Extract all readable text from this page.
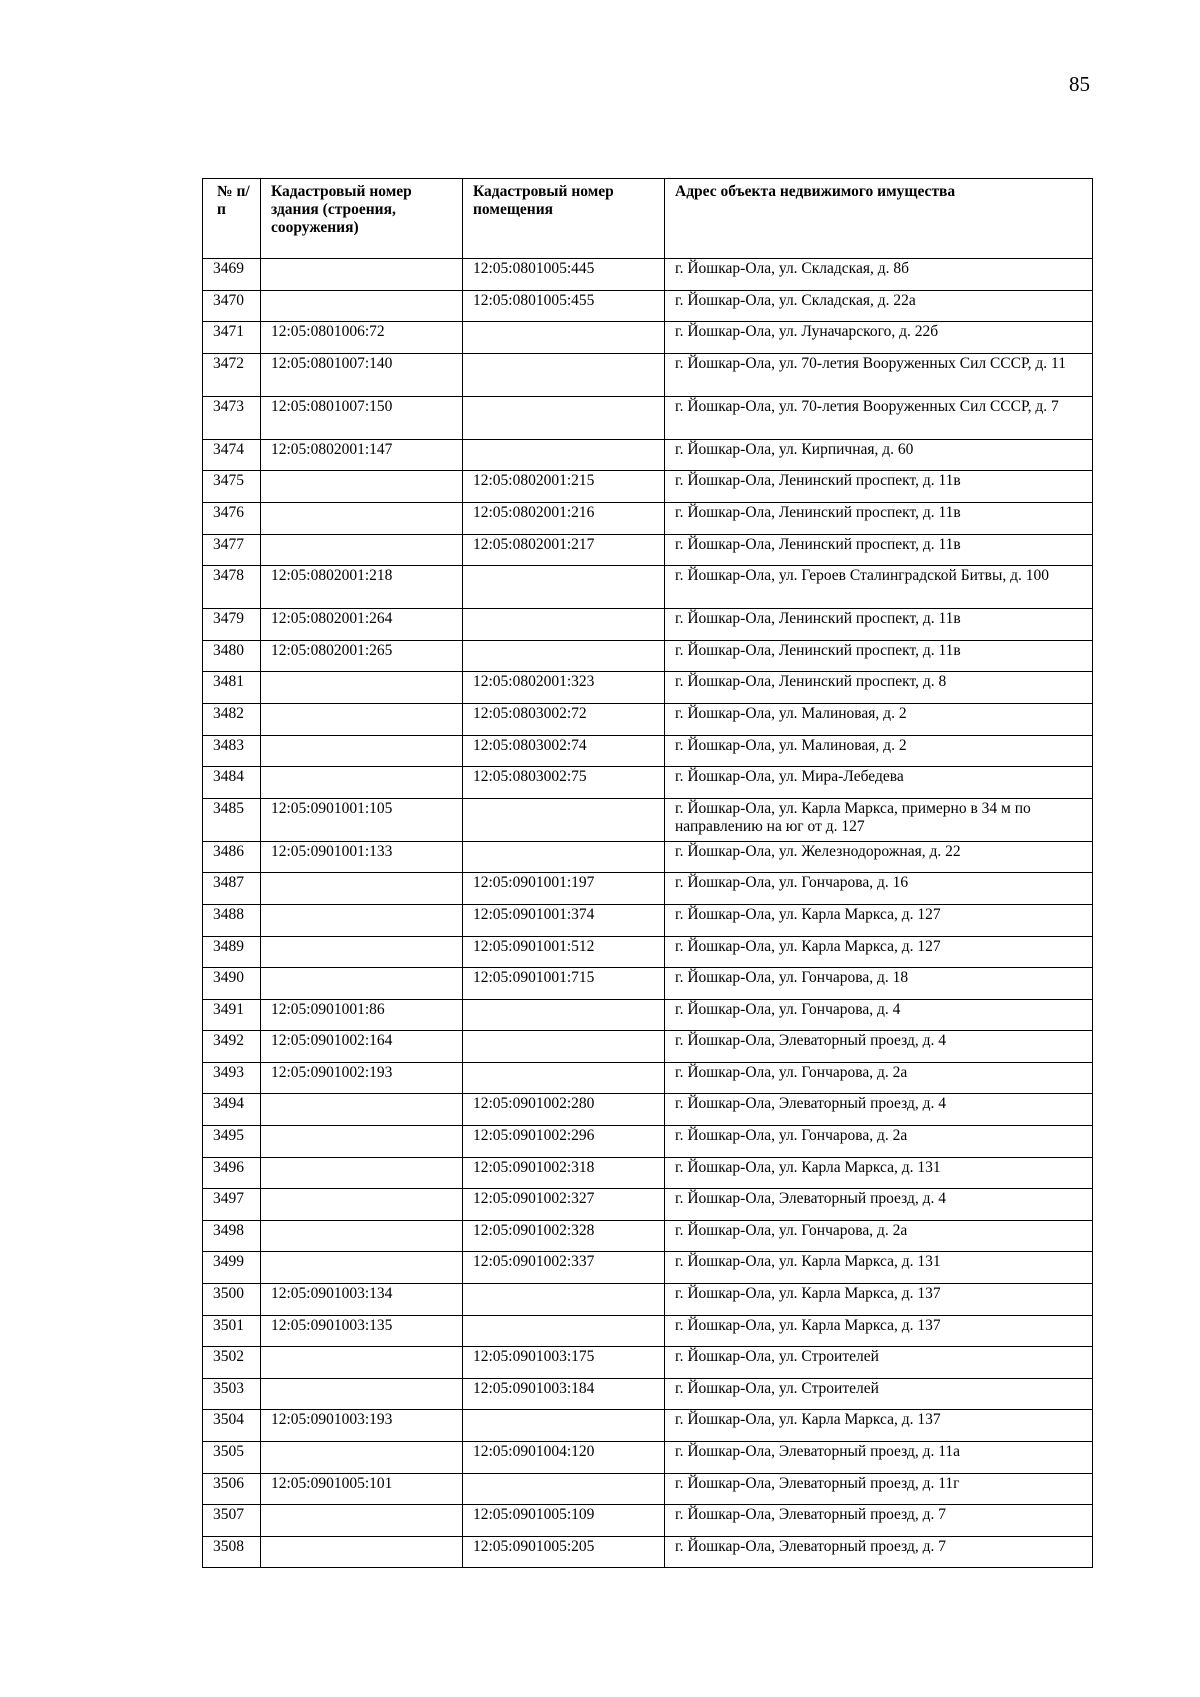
85
№ п/п	Кадастровый номер здания (строения, сооружения)	Кадастровый номер помещения	Адрес объекта недвижимого имущества
3469		12:05:0801005:445	г. Йошкар-Ола, ул. Складская, д. 8б
3470		12:05:0801005:455	г. Йошкар-Ола, ул. Складская, д. 22а
3471	12:05:0801006:72		г. Йошкар-Ола, ул. Луначарского, д. 22б
3472	12:05:0801007:140		г. Йошкар-Ола, ул. 70-летия Вооруженных Сил СССР, д. 11
3473	12:05:0801007:150		г. Йошкар-Ола, ул. 70-летия Вооруженных Сил СССР, д. 7
3474	12:05:0802001:147		г. Йошкар-Ола, ул. Кирпичная, д. 60
3475		12:05:0802001:215	г. Йошкар-Ола, Ленинский проспект, д. 11в
3476		12:05:0802001:216	г. Йошкар-Ола, Ленинский проспект, д. 11в
3477		12:05:0802001:217	г. Йошкар-Ола, Ленинский проспект, д. 11в
3478	12:05:0802001:218		г. Йошкар-Ола, ул. Героев Сталинградской Битвы, д. 100
3479	12:05:0802001:264		г. Йошкар-Ола, Ленинский проспект, д. 11в
3480	12:05:0802001:265		г. Йошкар-Ола, Ленинский проспект, д. 11в
3481		12:05:0802001:323	г. Йошкар-Ола, Ленинский проспект, д. 8
3482		12:05:0803002:72	г. Йошкар-Ола, ул. Малиновая, д. 2
3483		12:05:0803002:74	г. Йошкар-Ола, ул. Малиновая, д. 2
3484		12:05:0803002:75	г. Йошкар-Ола, ул. Мира-Лебедева
3485	12:05:0901001:105		г. Йошкар-Ола, ул. Карла Маркса, примерно в 34 м по направлению на юг от д. 127
3486	12:05:0901001:133		г. Йошкар-Ола, ул. Железнодорожная, д. 22
3487		12:05:0901001:197	г. Йошкар-Ола, ул. Гончарова, д. 16
3488		12:05:0901001:374	г. Йошкар-Ола, ул. Карла Маркса, д. 127
3489		12:05:0901001:512	г. Йошкар-Ола, ул. Карла Маркса, д. 127
3490		12:05:0901001:715	г. Йошкар-Ола, ул. Гончарова, д. 18
3491	12:05:0901001:86		г. Йошкар-Ола, ул. Гончарова, д. 4
3492	12:05:0901002:164		г. Йошкар-Ола, Элеваторный проезд, д. 4
3493	12:05:0901002:193		г. Йошкар-Ола, ул. Гончарова, д. 2а
3494		12:05:0901002:280	г. Йошкар-Ола, Элеваторный проезд, д. 4
3495		12:05:0901002:296	г. Йошкар-Ола, ул. Гончарова, д. 2а
3496		12:05:0901002:318	г. Йошкар-Ола, ул. Карла Маркса, д. 131
3497		12:05:0901002:327	г. Йошкар-Ола, Элеваторный проезд, д. 4
3498		12:05:0901002:328	г. Йошкар-Ола, ул. Гончарова, д. 2а
3499		12:05:0901002:337	г. Йошкар-Ола, ул. Карла Маркса, д. 131
3500	12:05:0901003:134		г. Йошкар-Ола, ул. Карла Маркса, д. 137
3501	12:05:0901003:135		г. Йошкар-Ола, ул. Карла Маркса, д. 137
3502		12:05:0901003:175	г. Йошкар-Ола, ул. Строителей
3503		12:05:0901003:184	г. Йошкар-Ола, ул. Строителей
3504	12:05:0901003:193		г. Йошкар-Ола, ул. Карла Маркса, д. 137
3505		12:05:0901004:120	г. Йошкар-Ола, Элеваторный проезд, д. 11а
3506	12:05:0901005:101		г. Йошкар-Ола, Элеваторный проезд, д. 11г
3507		12:05:0901005:109	г. Йошкар-Ола, Элеваторный проезд, д. 7
3508		12:05:0901005:205	г. Йошкар-Ола, Элеваторный проезд, д. 7
